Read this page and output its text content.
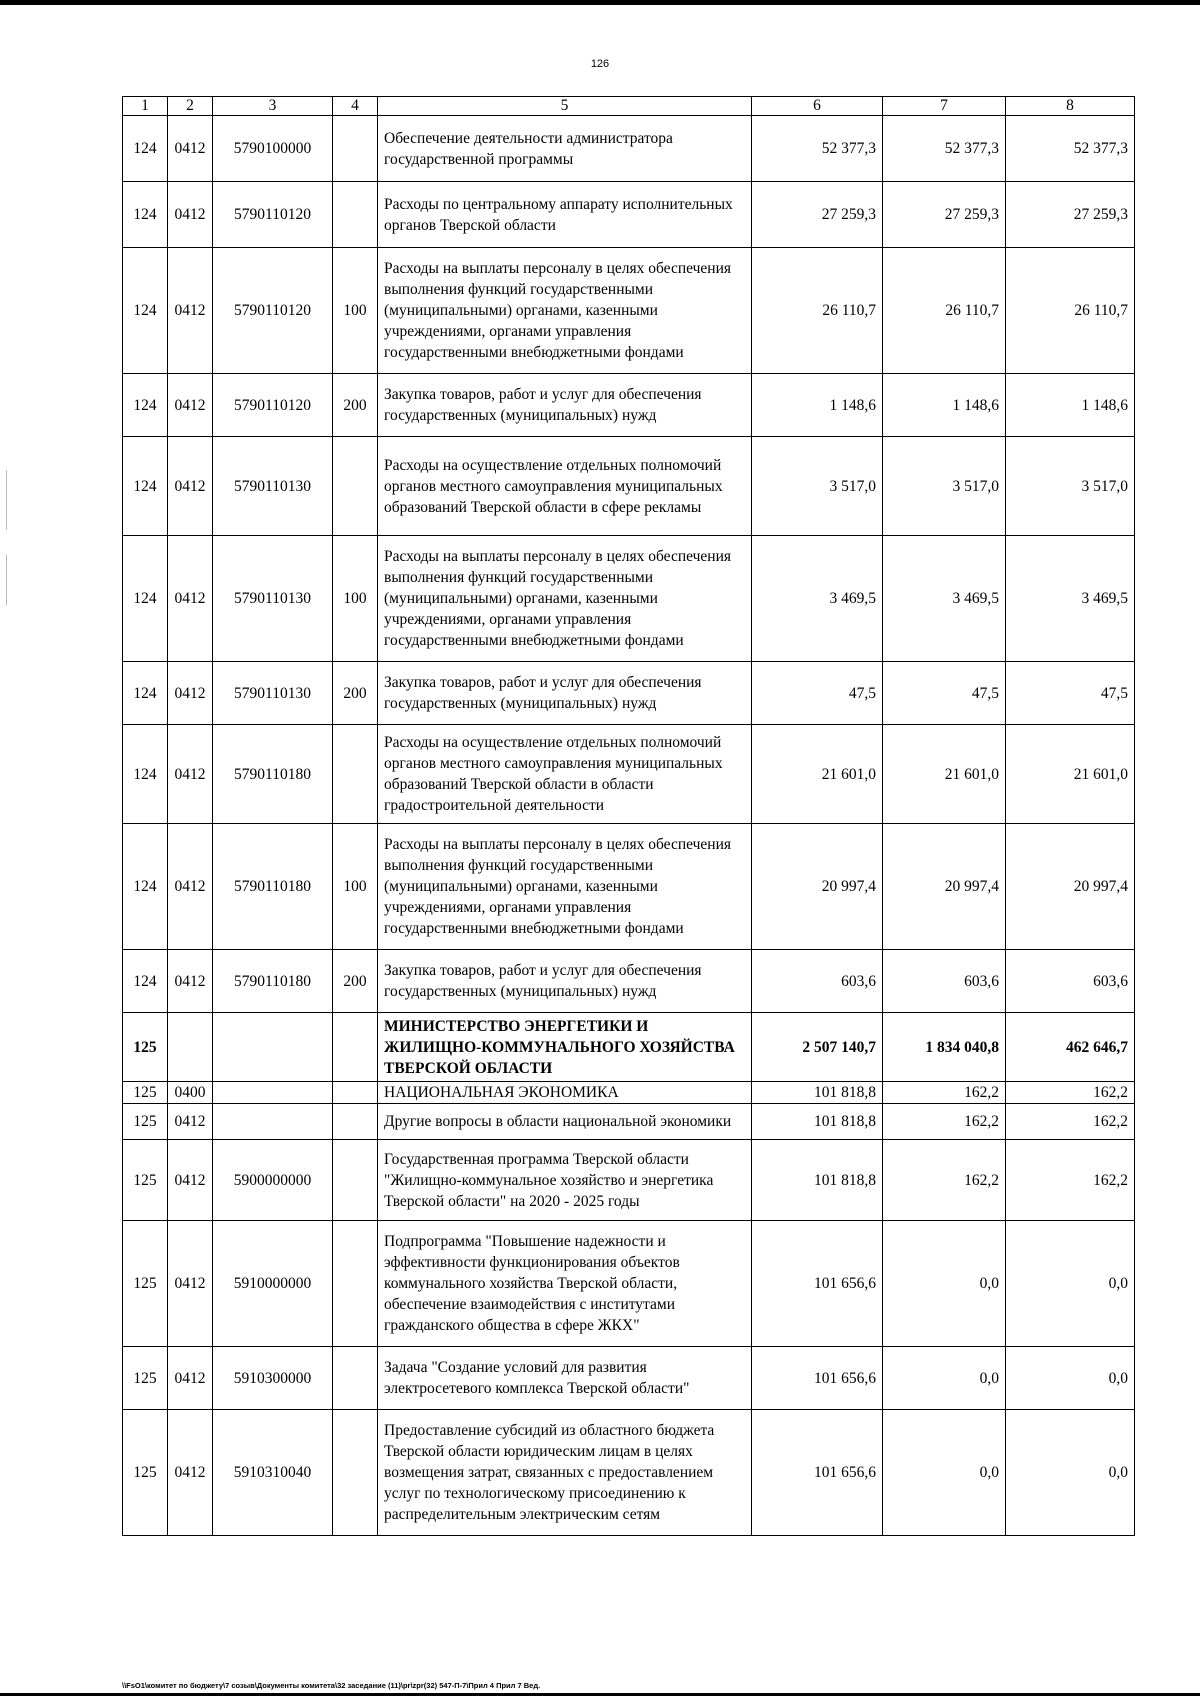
126
1	2	3	4	5	6	7	8
124	0412	5790100000		Обеспечение деятельности администратора государственной программы	52 377,3	52 377,3	52 377,3
124	0412	5790110120		Расходы по центральному аппарату исполнительных органов Тверской области	27 259,3	27 259,3	27 259,3
124	0412	5790110120	100	Расходы на выплаты персоналу в целях обеспечения выполнения функций государственными (муниципальными) органами, казенными учреждениями, органами управления государственными внебюджетными фондами	26 110,7	26 110,7	26 110,7
124	0412	5790110120	200	Закупка товаров, работ и услуг для обеспечения государственных (муниципальных) нужд	1 148,6	1 148,6	1 148,6
124	0412	5790110130		Расходы на осуществление отдельных полномочий органов местного самоуправления муниципальных образований Тверской области в сфере рекламы	3 517,0	3 517,0	3 517,0
124	0412	5790110130	100	Расходы на выплаты персоналу в целях обеспечения выполнения функций государственными (муниципальными) органами, казенными учреждениями, органами управления государственными внебюджетными фондами	3 469,5	3 469,5	3 469,5
124	0412	5790110130	200	Закупка товаров, работ и услуг для обеспечения государственных (муниципальных) нужд	47,5	47,5	47,5
124	0412	5790110180		Расходы на осуществление отдельных полномочий органов местного самоуправления муниципальных образований Тверской области в области градостроительной деятельности	21 601,0	21 601,0	21 601,0
124	0412	5790110180	100	Расходы на выплаты персоналу в целях обеспечения выполнения функций государственными (муниципальными) органами, казенными учреждениями, органами управления государственными внебюджетными фондами	20 997,4	20 997,4	20 997,4
124	0412	5790110180	200	Закупка товаров, работ и услуг для обеспечения государственных (муниципальных) нужд	603,6	603,6	603,6
125				МИНИСТЕРСТВО ЭНЕРГЕТИКИ И ЖИЛИЩНО-КОММУНАЛЬНОГО ХОЗЯЙСТВА ТВЕРСКОЙ ОБЛАСТИ	2 507 140,7	1 834 040,8	462 646,7
125	0400			НАЦИОНАЛЬНАЯ ЭКОНОМИКА	101 818,8	162,2	162,2
125	0412			Другие вопросы в области национальной экономики	101 818,8	162,2	162,2
125	0412	5900000000		Государственная программа Тверской области "Жилищно-коммунальное хозяйство и энергетика Тверской области" на 2020 - 2025 годы	101 818,8	162,2	162,2
125	0412	5910000000		Подпрограмма "Повышение надежности и эффективности функционирования объектов коммунального хозяйства Тверской области, обеспечение взаимодействия с институтами гражданского общества в сфере ЖКХ"	101 656,6	0,0	0,0
125	0412	5910300000		Задача "Создание условий для развития электросетевого комплекса Тверской области"	101 656,6	0,0	0,0
125	0412	5910310040		Предоставление субсидий из областного бюджета Тверской области юридическим лицам в целях возмещения затрат, связанных с предоставлением услуг по технологическому присоединению к распределительным электрическим сетям	101 656,6	0,0	0,0
\\FsO1\комитет по бюджету\7 созыв\Документы комитета\32 заседание (11)\pr\zpr(32) 547-П-7\Прил 4 Прил 7 Вед.
